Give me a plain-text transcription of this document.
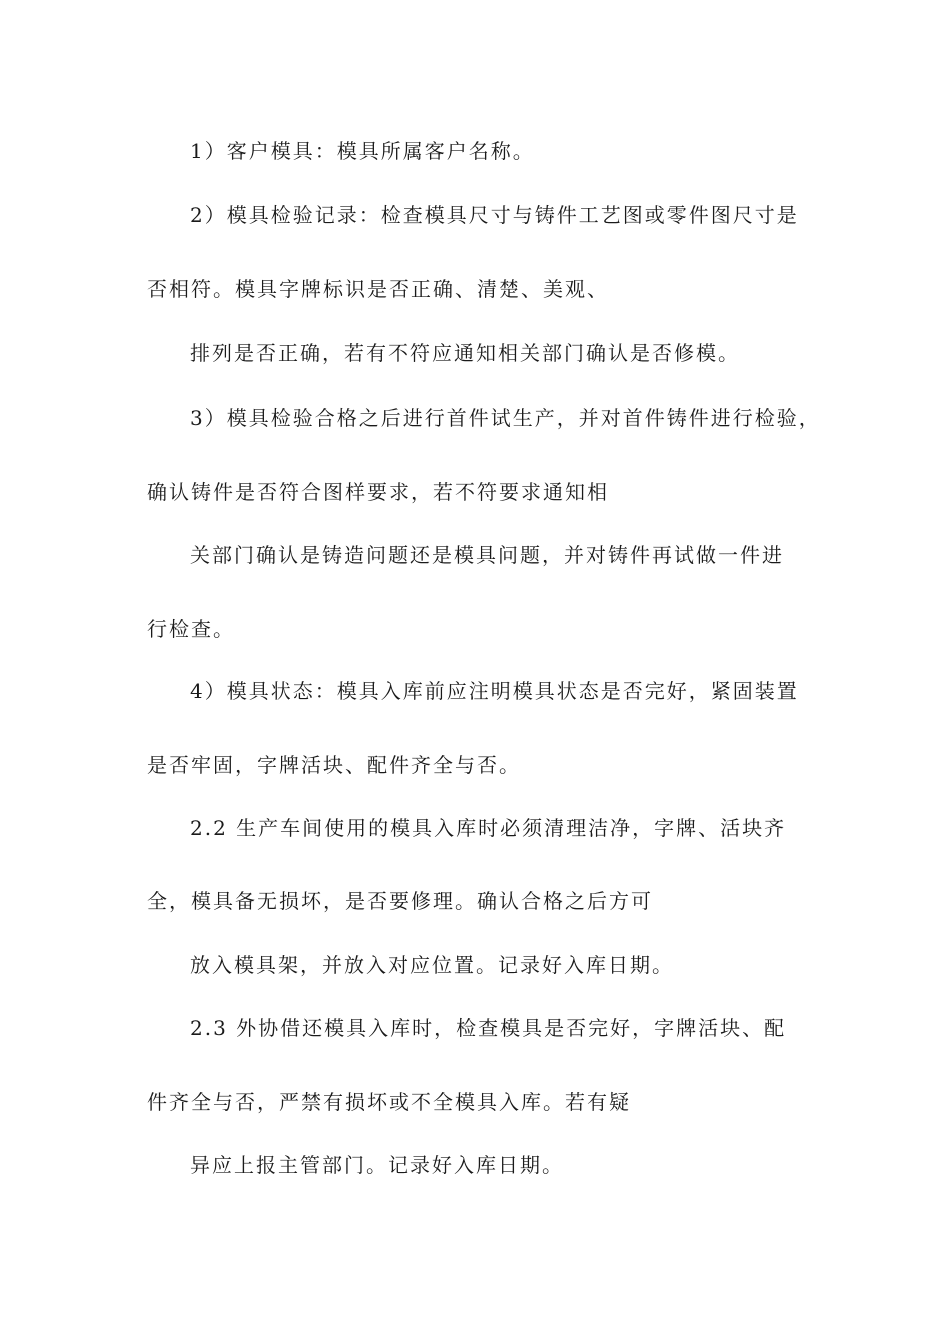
1）客户模具：模具所属客户名称。
2）模具检验记录：检查模具尺寸与铸件工艺图或零件图尺寸是
否相符。模具字牌标识是否正确、清楚、美观、
排列是否正确，若有不符应通知相关部门确认是否修模。
3）模具检验合格之后进行首件试生产，并对首件铸件进行检验，
确认铸件是否符合图样要求，若不符要求通知相
关部门确认是铸造问题还是模具问题，并对铸件再试做一件进
行检查。
4）模具状态：模具入库前应注明模具状态是否完好，紧固装置
是否牢固，字牌活块、配件齐全与否。
2.2 生产车间使用的模具入库时必须清理洁净，字牌、活块齐
全，模具备无损坏，是否要修理。确认合格之后方可
放入模具架，并放入对应位置。记录好入库日期。
2.3 外协借还模具入库时，检查模具是否完好，字牌活块、配
件齐全与否，严禁有损坏或不全模具入库。若有疑
异应上报主管部门。记录好入库日期。
